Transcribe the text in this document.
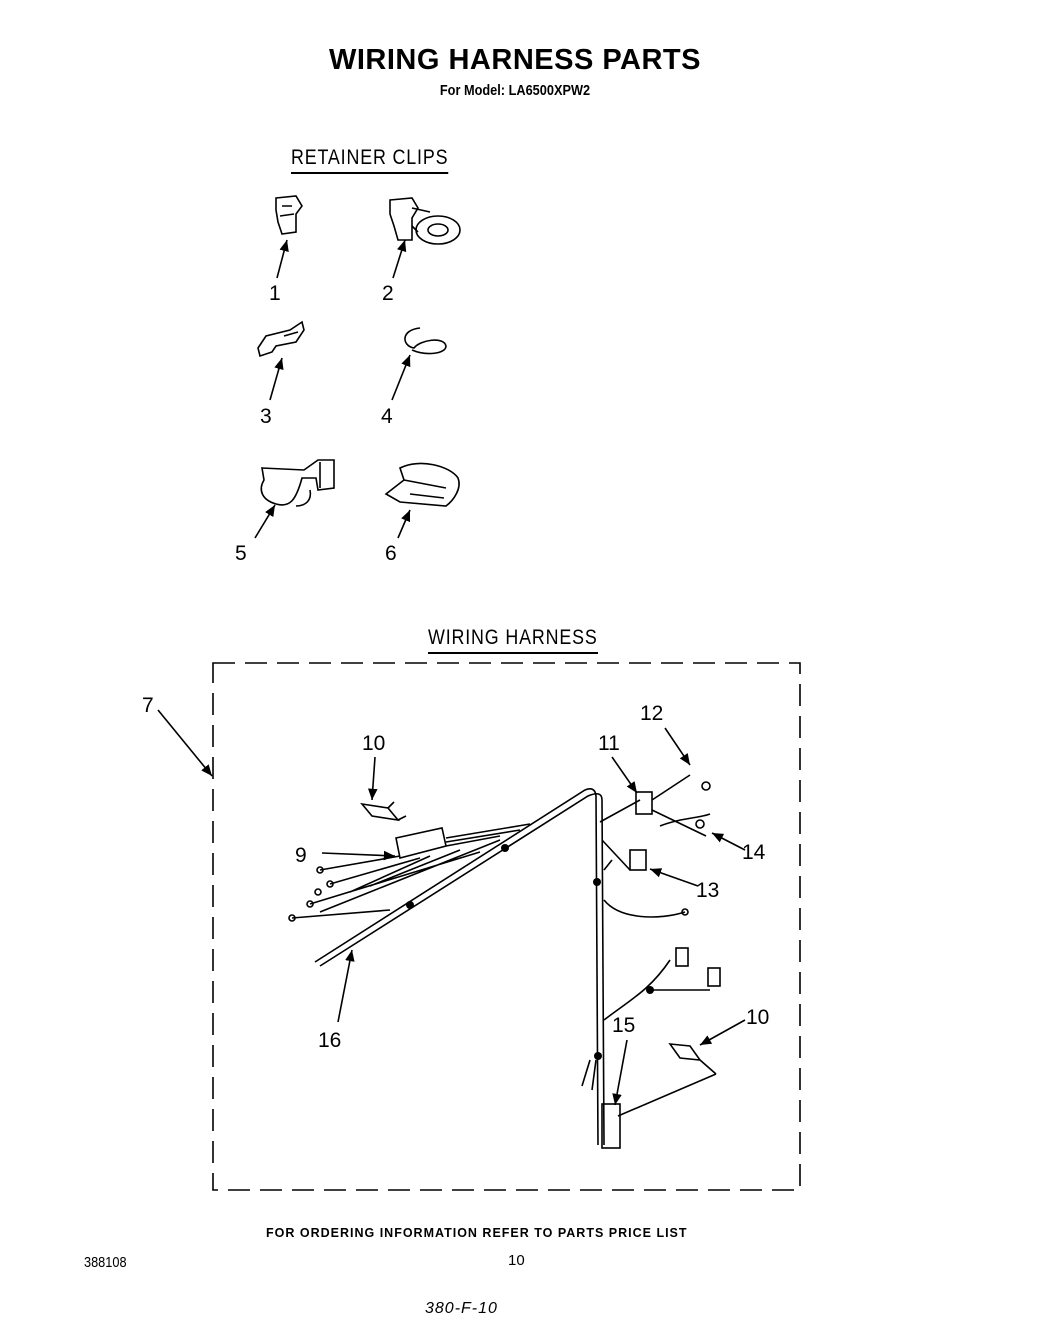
WIRING HARNESS PARTS
For Model: LA6500XPW2
RETAINER CLIPS
WIRING HARNESS
1	2
3	4
5	6
7
10
12
11
9	14
13
16
15	10
FOR ORDERING INFORMATION REFER TO PARTS PRICE LIST
388108	10
380-F-10
